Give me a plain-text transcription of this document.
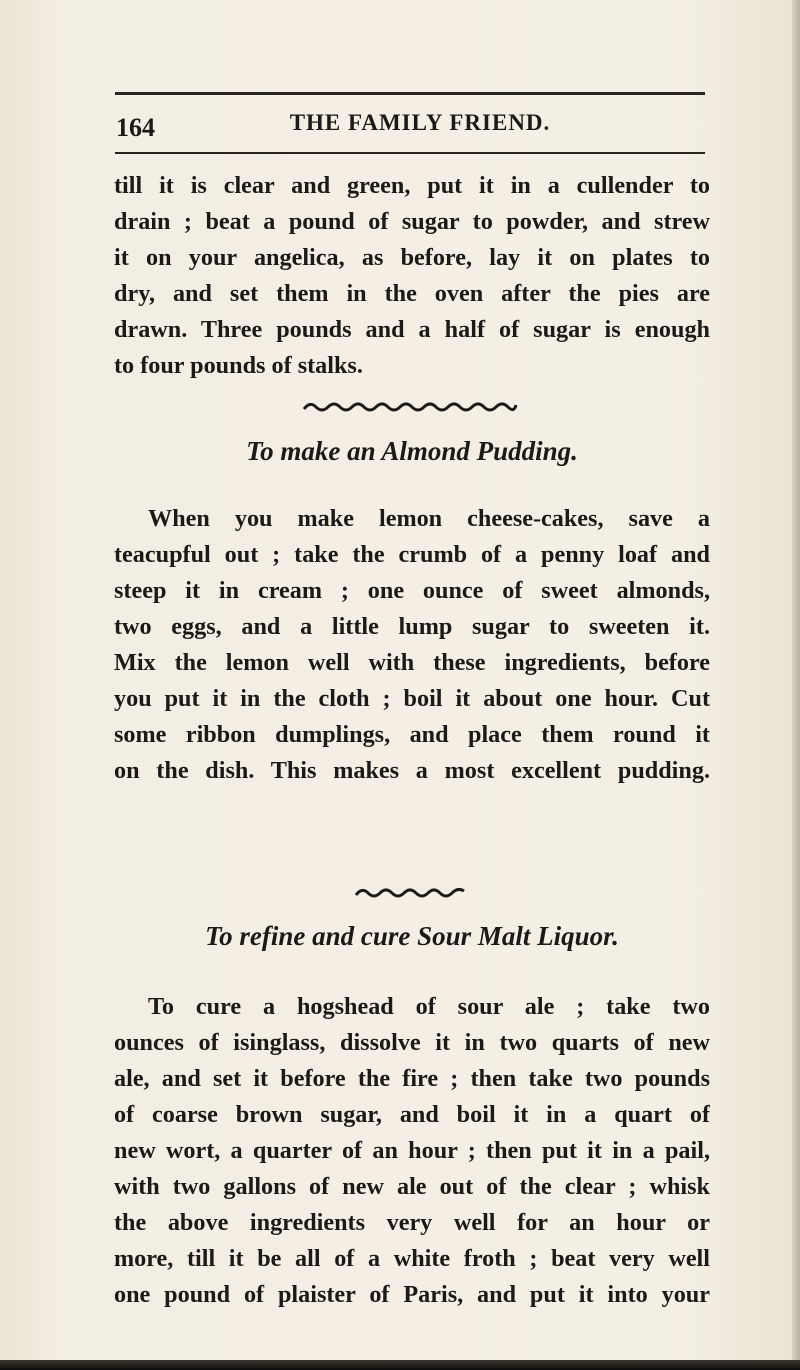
164	THE FAMILY FRIEND.
till it is clear and green, put it in a cullender to
drain ; beat a pound of sugar to powder, and strew
it on your angelica, as before, lay it on plates to
dry, and set them in the oven after the pies are
drawn. Three pounds and a half of sugar is enough
to four pounds of stalks.
To make an Almond Pudding.
When you make lemon cheese-cakes, save a
teacupful out ; take the crumb of a penny loaf and
steep it in cream ; one ounce of sweet almonds,
two eggs, and a little lump sugar to sweeten it.
Mix the lemon well with these ingredients, before
you put it in the cloth ; boil it about one hour. Cut
some ribbon dumplings, and place them round it
on the dish. This makes a most excellent pudding.
To refine and cure Sour Malt Liquor.
To cure a hogshead of sour ale ; take two
ounces of isinglass, dissolve it in two quarts of new
ale, and set it before the fire ; then take two pounds
of coarse brown sugar, and boil it in a quart of
new wort, a quarter of an hour ; then put it in a pail,
with two gallons of new ale out of the clear ; whisk
the above ingredients very well for an hour or
more, till it be all of a white froth ; beat very well
one pound of plaister of Paris, and put it into your
